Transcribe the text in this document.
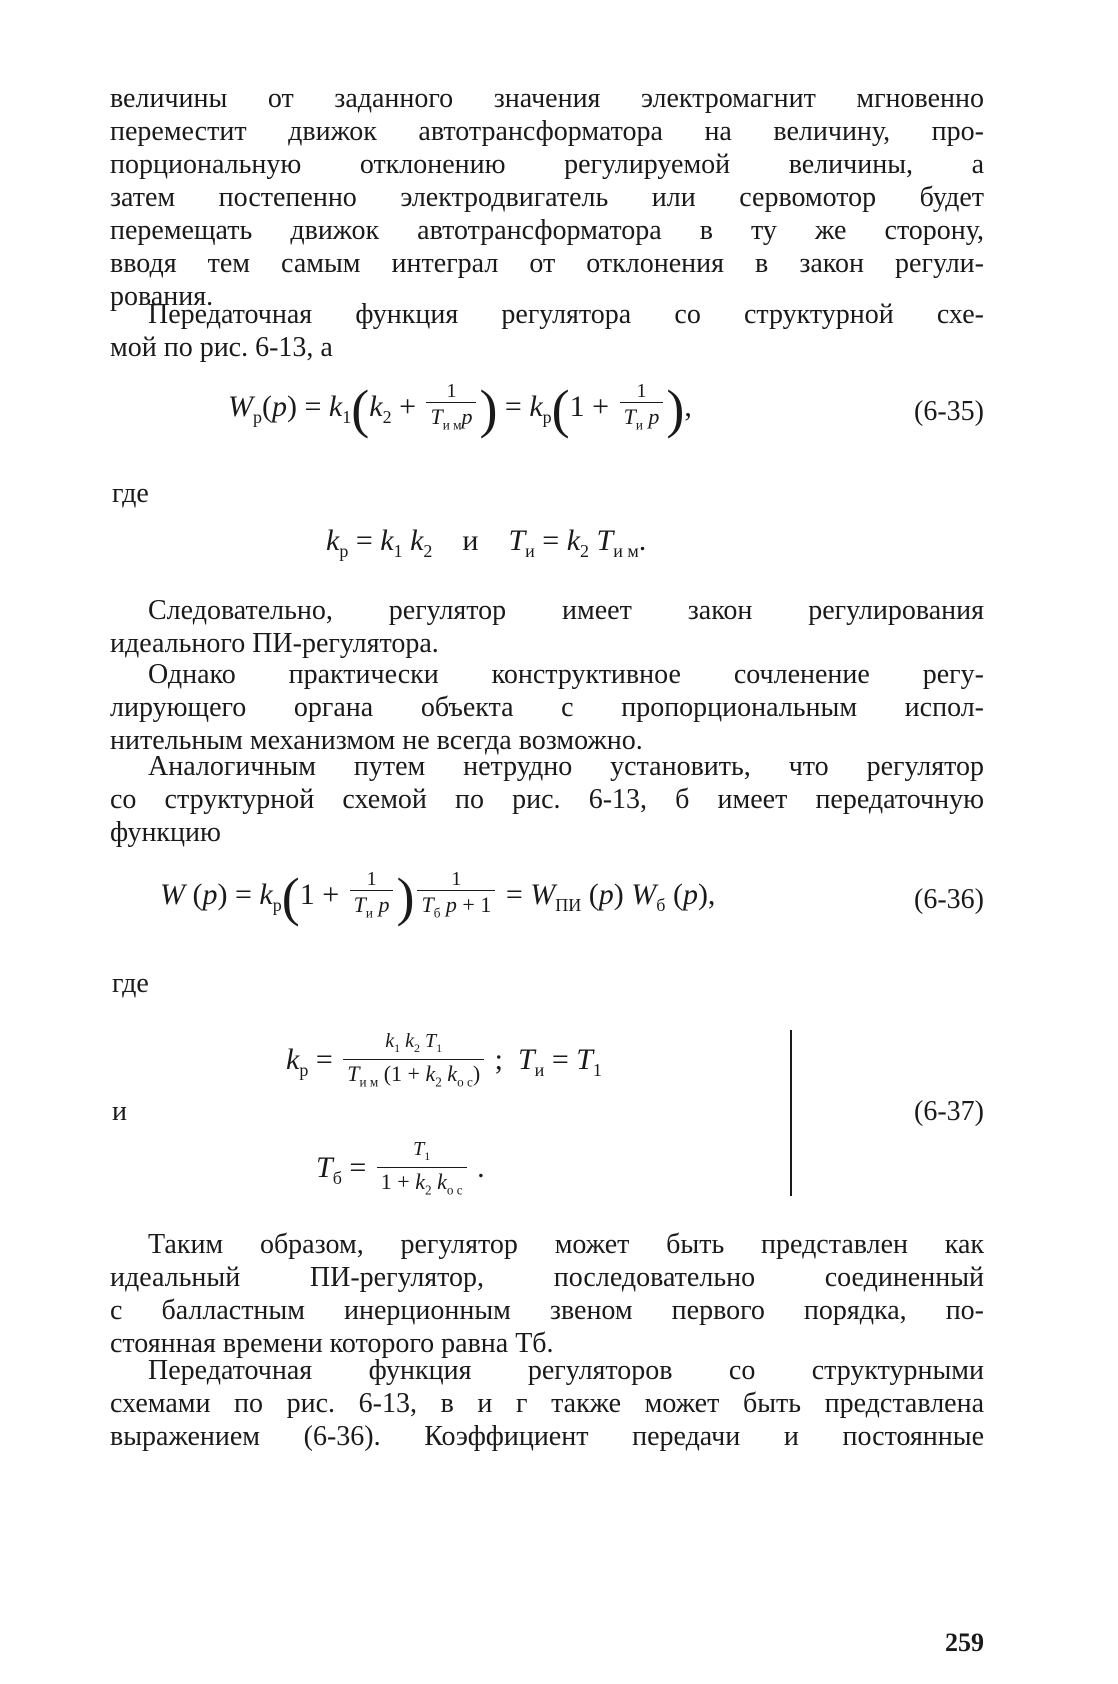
величины от заданного значения электромагнит мгновенно
переместит движок автотрансформатора на величину, про-
порциональную отклонению регулируемой величины, а
затем постепенно электродвигатель или сервомотор будет
перемещать движок автотрансформатора в ту же сторону,
вводя тем самым интеграл от отклонения в закон регули-
рования.

Передаточная функция регулятора со структурной схе-
мой по рис. 6-13, а

$W_р(p) = k_1(k_2 + \frac{1}{T_{и м}p}$ ) = $k_р(1 + \frac{1}{T_и p}$ ),	(6-35)
где
$k_р = k_1$ $k_2$    и    $T_и = k_2$ $T_{и м}$.

Следовательно, регулятор имеет закон регулирования
идеального ПИ-регулятора.

Однако практически конструктивное сочленение регу-
лирующего органа объекта с пропорциональным испол-
нительным механизмом не всегда возможно.

Аналогичным путем нетрудно установить, что регулятор
со структурной схемой по рис. 6-13, б имеет передаточную
функцию

W $(p) = k_р(1 + \frac{1}{T_и p}$ ) $\frac{1}{T_б p + 1} = W_{ПИ}$ (p) $W_б$ (p),	(6-36)
где
$k_р = \frac{k_1 k_2 T_1}{T_{и м} (1 + k_2 k_{о с})}$ ;  $T_и = T_1$
и
$T_б = \frac{T_1}{1 + k_2 k_{о с}}$ .
(6-37)

Таким образом, регулятор может быть представлен как
идеальный ПИ-регулятор, последовательно соединенный
с балластным инерционным звеном первого порядка, по-
стоянная времени которого равна Tб.

Передаточная функция регуляторов со структурными
схемами по рис. 6-13, в и г также может быть представлена
выражением (6-36). Коэффициент передачи и постоянные

259
